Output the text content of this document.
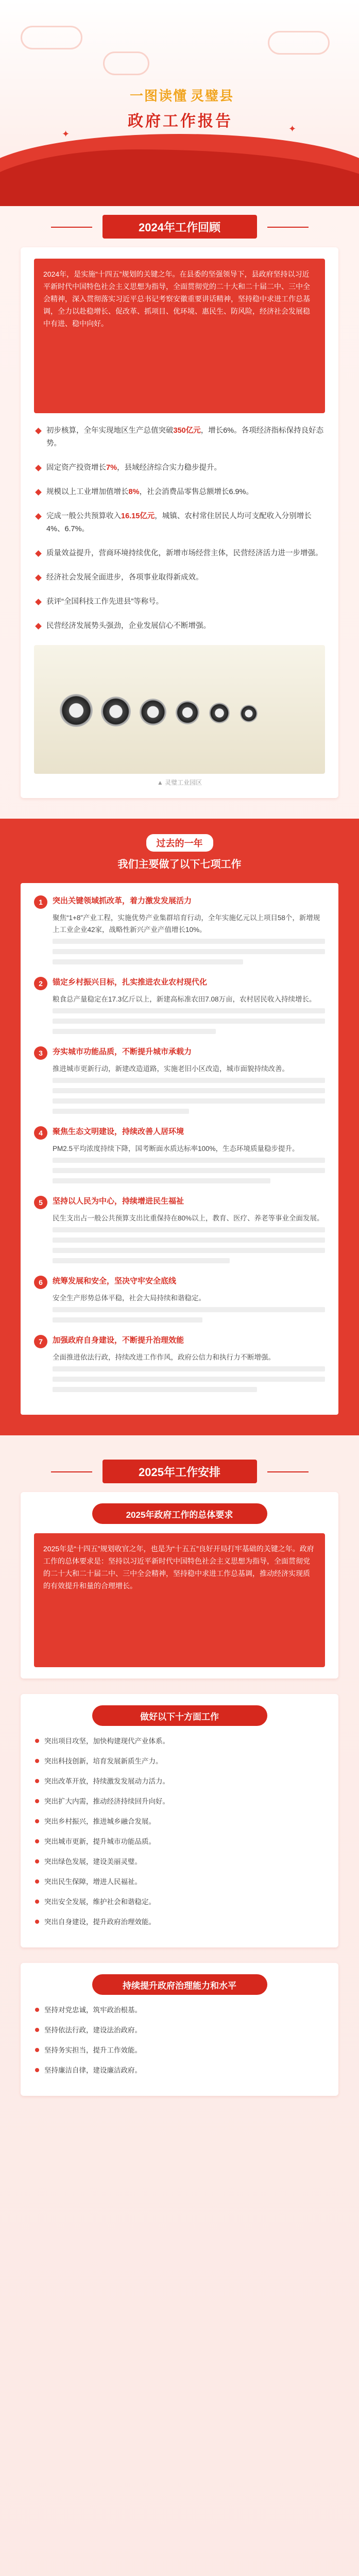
✦	✦
一图读懂 灵璧县
政府工作报告
2024年工作回顾
2024年，是实施“十四五”规划的关键之年。在县委的坚强领导下，县政府坚持以习近平新时代中国特色社会主义思想为指导，全面贯彻党的二十大和二十届二中、三中全会精神，深入贯彻落实习近平总书记考察安徽重要讲话精神，坚持稳中求进工作总基调，全力以赴稳增长、促改革、抓项目、优环境、惠民生、防风险，经济社会发展稳中有进、稳中向好。
初步核算，全年实现地区生产总值突破350亿元，增长6%。各项经济指标保持良好态势。
固定资产投资增长7%，县域经济综合实力稳步提升。
规模以上工业增加值增长8%，社会消费品零售总额增长6.9%。
完成一般公共预算收入16.15亿元，城镇、农村常住居民人均可支配收入分别增长4%、6.7%。
质量效益提升，营商环境持续优化，新增市场经营主体，民营经济活力进一步增强。
经济社会发展全面进步，各项事业取得新成效。
获评“全国科技工作先进县”等称号。
民营经济发展势头强劲，企业发展信心不断增强。
▲ 灵璧工业园区
过去的一年
我们主要做了以下七项工作
1	突出关键领域抓改革，着力激发发展活力
聚焦“1+8”产业工程，实施优势产业集群培育行动，全年实施亿元以上项目58个，新增规上工业企业42家，战略性新兴产业产值增长10%。
2	锚定乡村振兴目标，扎实推进农业农村现代化
粮食总产量稳定在17.3亿斤以上，新建高标准农田7.08万亩，农村居民收入持续增长。
3	夯实城市功能品质，不断提升城市承载力
推进城市更新行动，新建改造道路，实施老旧小区改造，城市面貌持续改善。
4	聚焦生态文明建设，持续改善人居环境
PM2.5平均浓度持续下降，国考断面水质达标率100%，生态环境质量稳步提升。
5	坚持以人民为中心，持续增进民生福祉
民生支出占一般公共预算支出比重保持在80%以上，教育、医疗、养老等事业全面发展。
6	统筹发展和安全，坚决守牢安全底线
安全生产形势总体平稳，社会大局持续和谐稳定。
7	加强政府自身建设，不断提升治理效能
全面推进依法行政，持续改进工作作风，政府公信力和执行力不断增强。
2025年工作安排
2025年政府工作的总体要求
2025年是“十四五”规划收官之年，也是为“十五五”良好开局打牢基础的关键之年。政府工作的总体要求是：坚持以习近平新时代中国特色社会主义思想为指导，全面贯彻党的二十大和二十届二中、三中全会精神，坚持稳中求进工作总基调，推动经济实现质的有效提升和量的合理增长。
做好以下十方面工作
突出项目攻坚，加快构建现代产业体系。
突出科技创新，培育发展新质生产力。
突出改革开放，持续激发发展动力活力。
突出扩大内需，推动经济持续回升向好。
突出乡村振兴，推进城乡融合发展。
突出城市更新，提升城市功能品质。
突出绿色发展，建设美丽灵璧。
突出民生保障，增进人民福祉。
突出安全发展，维护社会和谐稳定。
突出自身建设，提升政府治理效能。
持续提升政府治理能力和水平
坚持对党忠诚，筑牢政治根基。
坚持依法行政，建设法治政府。
坚持务实担当，提升工作效能。
坚持廉洁自律，建设廉洁政府。
